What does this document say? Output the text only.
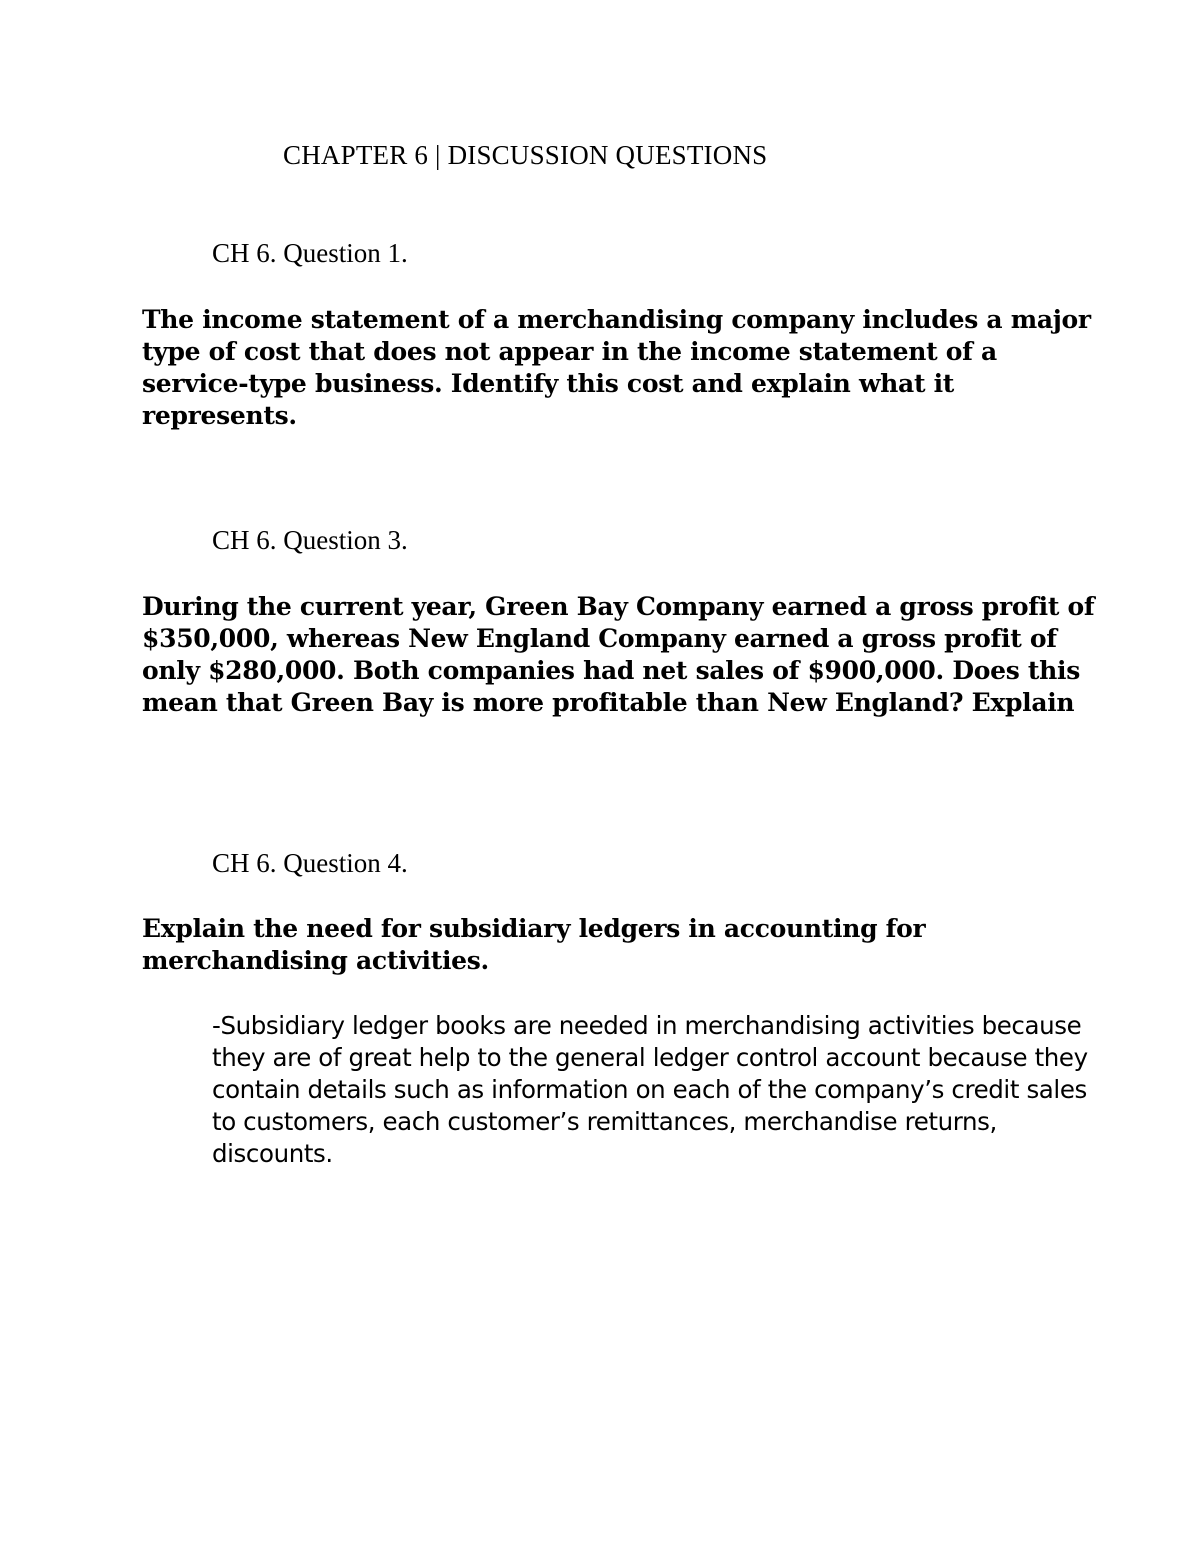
CHAPTER 6 | DISCUSSION QUESTIONS
CH 6. Question 1.
The income statement of a merchandising company includes a major type of cost that does not appear in the income statement of a service-type business. Identify this cost and explain what it represents.
CH 6. Question 3.
During the current year, Green Bay Company earned a gross profit of $350,000, whereas New England Company earned a gross profit of only $280,000. Both companies had net sales of $900,000. Does this mean that Green Bay is more profitable than New England? Explain
CH 6. Question 4.
Explain the need for subsidiary ledgers in accounting for merchandising activities.
-Subsidiary ledger books are needed in merchandising activities because they are of great help to the general ledger control account because they contain details such as information on each of the company’s credit sales to customers, each customer’s remittances, merchandise returns, discounts.
